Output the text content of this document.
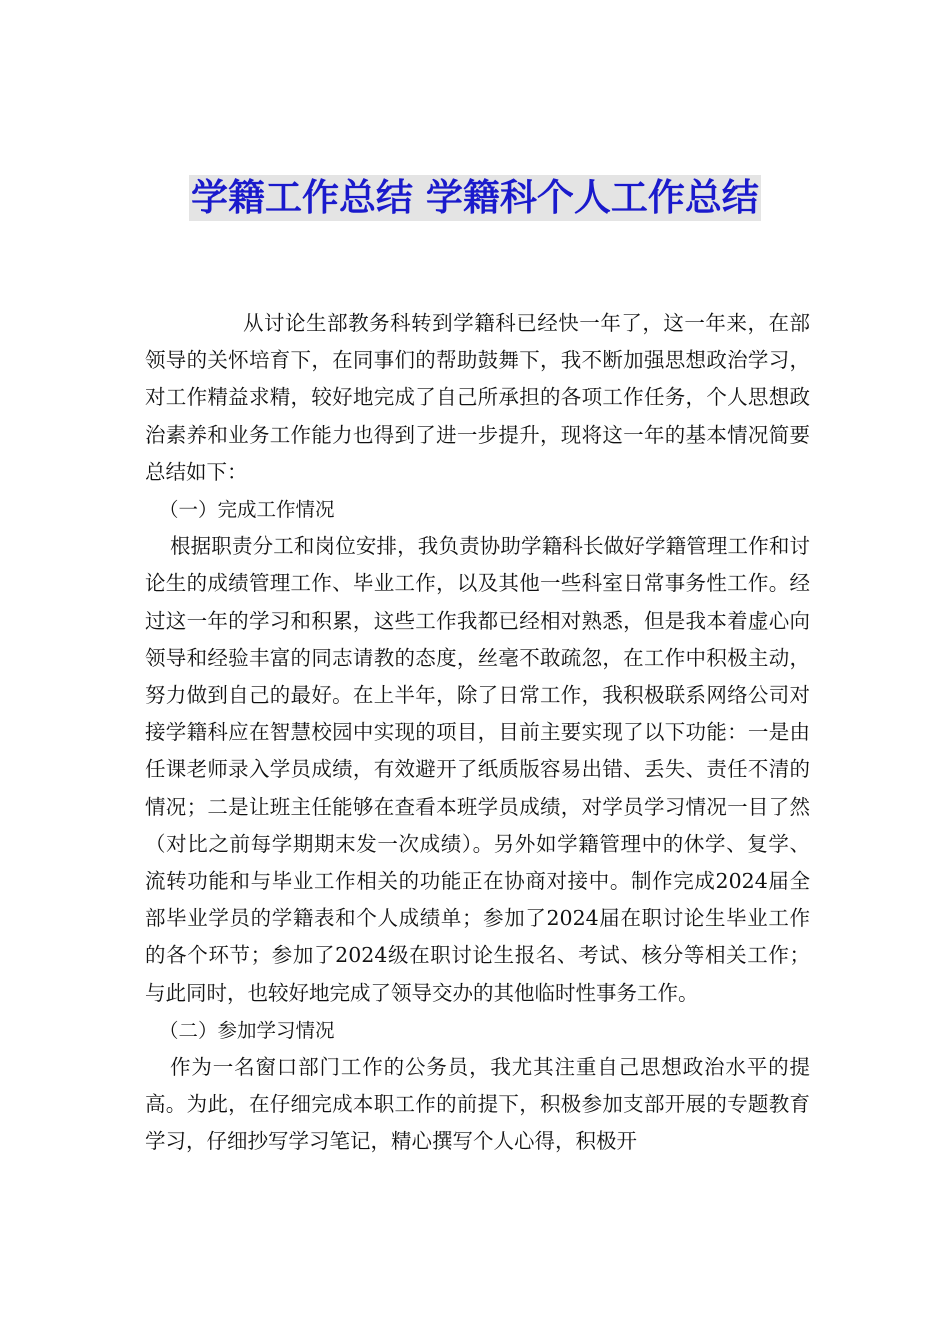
学籍工作总结 学籍科个人工作总结

从讨论生部教务科转到学籍科已经快一年了，这一年来，在部领导的关怀培育下，在同事们的帮助鼓舞下，我不断加强思想政治学习，对工作精益求精，较好地完成了自己所承担的各项工作任务，个人思想政治素养和业务工作能力也得到了进一步提升，现将这一年的基本情况简要总结如下：

（一）完成工作情况

根据职责分工和岗位安排，我负责协助学籍科长做好学籍管理工作和讨论生的成绩管理工作、毕业工作，以及其他一些科室日常事务性工作。经过这一年的学习和积累，这些工作我都已经相对熟悉，但是我本着虚心向领导和经验丰富的同志请教的态度，丝毫不敢疏忽，在工作中积极主动，努力做到自己的最好。在上半年，除了日常工作，我积极联系网络公司对接学籍科应在智慧校园中实现的项目，目前主要实现了以下功能：一是由任课老师录入学员成绩，有效避开了纸质版容易出错、丢失、责任不清的情况；二是让班主任能够在查看本班学员成绩，对学员学习情况一目了然（对比之前每学期期末发一次成绩）。另外如学籍管理中的休学、复学、流转功能和与毕业工作相关的功能正在协商对接中。制作完成2024届全部毕业学员的学籍表和个人成绩单；参加了2024届在职讨论生毕业工作的各个环节；参加了2024级在职讨论生报名、考试、核分等相关工作；与此同时，也较好地完成了领导交办的其他临时性事务工作。

（二）参加学习情况

作为一名窗口部门工作的公务员，我尤其注重自己思想政治水平的提高。为此，在仔细完成本职工作的前提下，积极参加支部开展的专题教育学习，仔细抄写学习笔记，精心撰写个人心得，积极开
